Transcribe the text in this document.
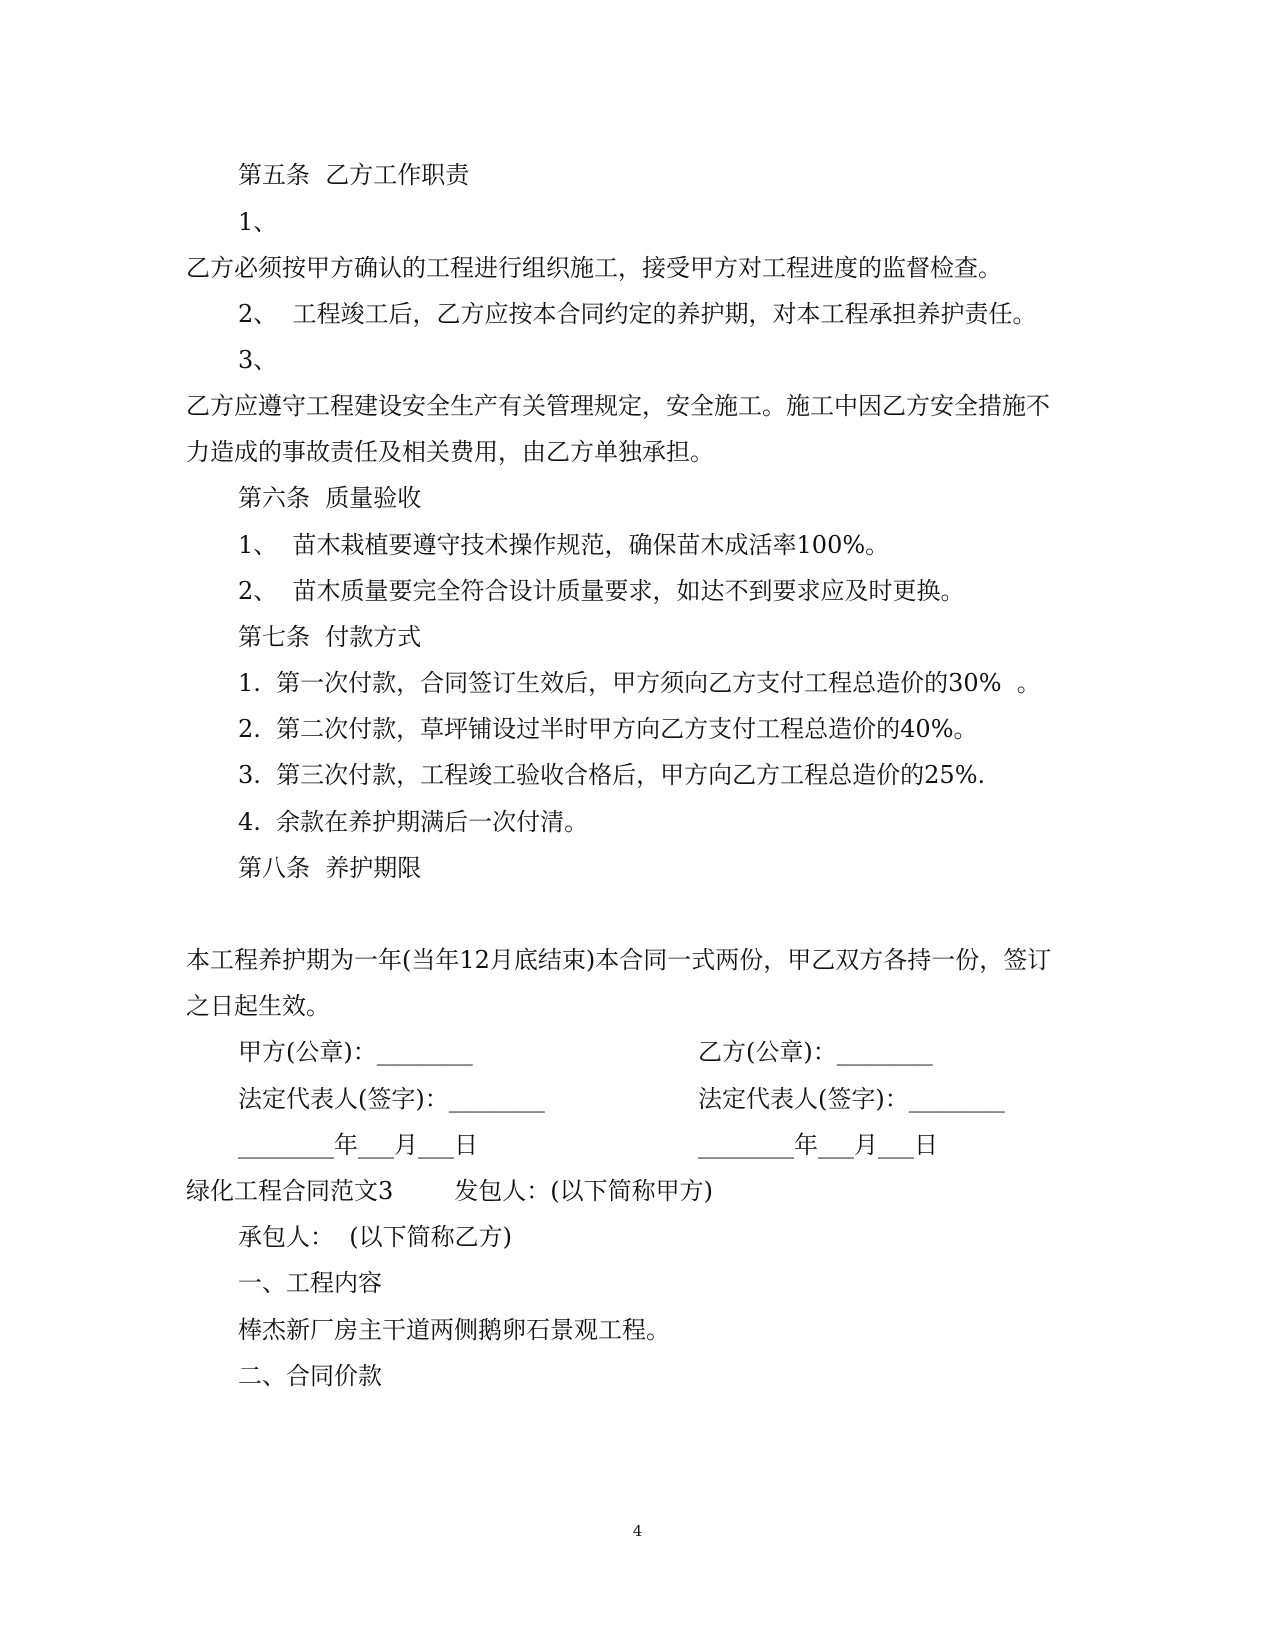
第五条  乙方工作职责
1、
乙方必须按甲方确认的工程进行组织施工，接受甲方对工程进度的监督检查。
2、  工程竣工后，乙方应按本合同约定的养护期，对本工程承担养护责任。
3、
乙方应遵守工程建设安全生产有关管理规定，安全施工。施工中因乙方安全措施不
力造成的事故责任及相关费用，由乙方单独承担。
第六条  质量验收
1、  苗木栽植要遵守技术操作规范，确保苗木成活率100%。
2、  苗木质量要完全符合设计质量要求，如达不到要求应及时更换。
第七条  付款方式
1.  第一次付款，合同签订生效后，甲方须向乙方支付工程总造价的30%  。
2.  第二次付款，草坪铺设过半时甲方向乙方支付工程总造价的40%。
3.  第三次付款，工程竣工验收合格后，甲方向乙方工程总造价的25%.
4.  余款在养护期满后一次付清。
第八条  养护期限
本工程养护期为一年(当年12月底结束)本合同一式两份，甲乙双方各持一份，签订
之日起生效。
甲方(公章)：________	乙方(公章)：________
法定代表人(签字)：________	法定代表人(签字)：________
________年___月___日	________年___月___日
绿化工程合同范文3        发包人：(以下简称甲方)
承包人：  (以下简称乙方)
一、工程内容
棒杰新厂房主干道两侧鹅卵石景观工程。
二、合同价款
4
